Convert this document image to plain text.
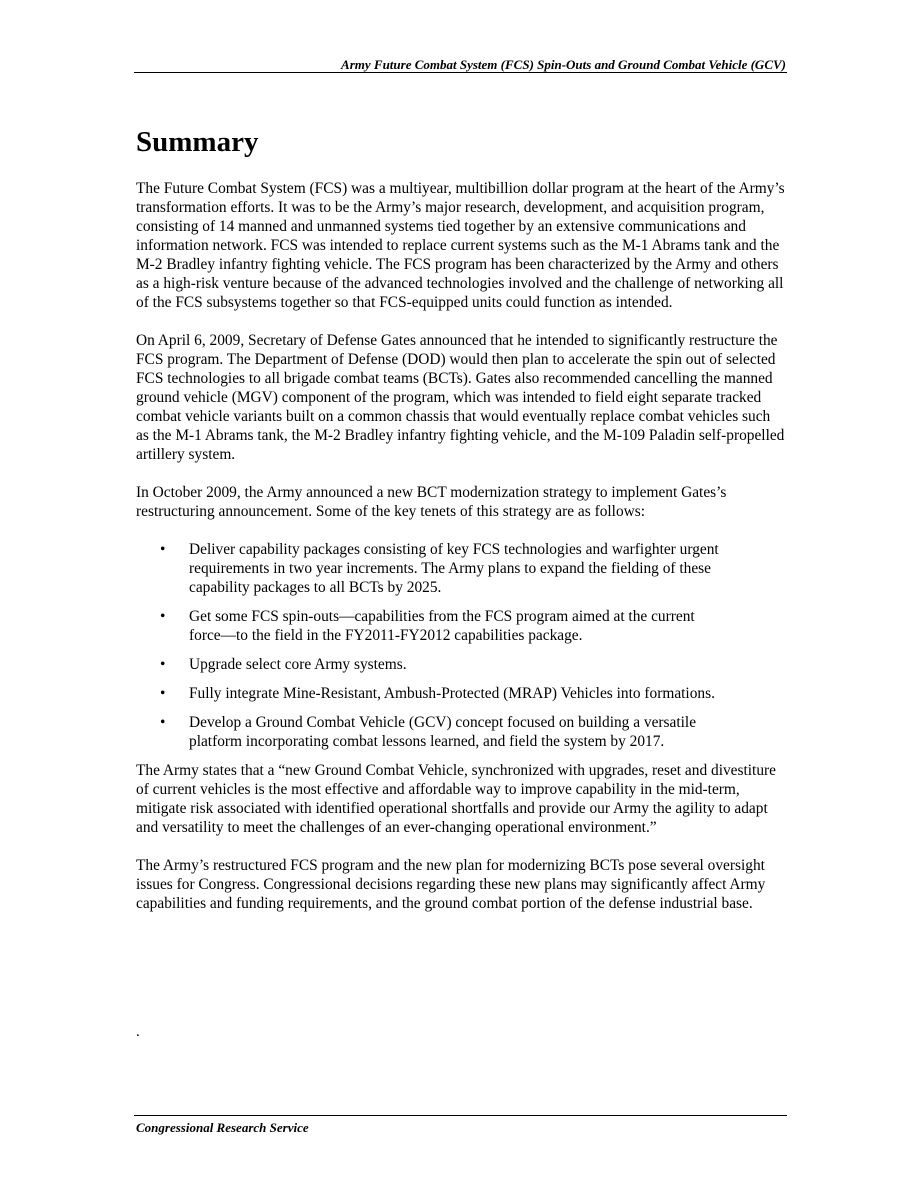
Army Future Combat System (FCS) Spin-Outs and Ground Combat Vehicle (GCV)
Summary

The Future Combat System (FCS) was a multiyear, multibillion dollar program at the heart of the Army’s transformation efforts. It was to be the Army’s major research, development, and acquisition program, consisting of 14 manned and unmanned systems tied together by an extensive communications and information network. FCS was intended to replace current systems such as the M-1 Abrams tank and the M-2 Bradley infantry fighting vehicle. The FCS program has been characterized by the Army and others as a high-risk venture because of the advanced technologies involved and the challenge of networking all of the FCS subsystems together so that FCS-equipped units could function as intended.

On April 6, 2009, Secretary of Defense Gates announced that he intended to significantly restructure the FCS program. The Department of Defense (DOD) would then plan to accelerate the spin out of selected FCS technologies to all brigade combat teams (BCTs). Gates also recommended cancelling the manned ground vehicle (MGV) component of the program, which was intended to field eight separate tracked combat vehicle variants built on a common chassis that would eventually replace combat vehicles such as the M-1 Abrams tank, the M-2 Bradley infantry fighting vehicle, and the M-109 Paladin self-propelled artillery system.

In October 2009, the Army announced a new BCT modernization strategy to implement Gates’s restructuring announcement. Some of the key tenets of this strategy are as follows:

• Deliver capability packages consisting of key FCS technologies and warfighter urgent requirements in two year increments. The Army plans to expand the fielding of these capability packages to all BCTs by 2025.
• Get some FCS spin-outs—capabilities from the FCS program aimed at the current force—to the field in the FY2011-FY2012 capabilities package.
• Upgrade select core Army systems.
• Fully integrate Mine-Resistant, Ambush-Protected (MRAP) Vehicles into formations.
• Develop a Ground Combat Vehicle (GCV) concept focused on building a versatile platform incorporating combat lessons learned, and field the system by 2017.

The Army states that a “new Ground Combat Vehicle, synchronized with upgrades, reset and divestiture of current vehicles is the most effective and affordable way to improve capability in the mid-term, mitigate risk associated with identified operational shortfalls and provide our Army the agility to adapt and versatility to meet the challenges of an ever-changing operational environment.”

The Army’s restructured FCS program and the new plan for modernizing BCTs pose several oversight issues for Congress. Congressional decisions regarding these new plans may significantly affect Army capabilities and funding requirements, and the ground combat portion of the defense industrial base.

.
Congressional Research Service
